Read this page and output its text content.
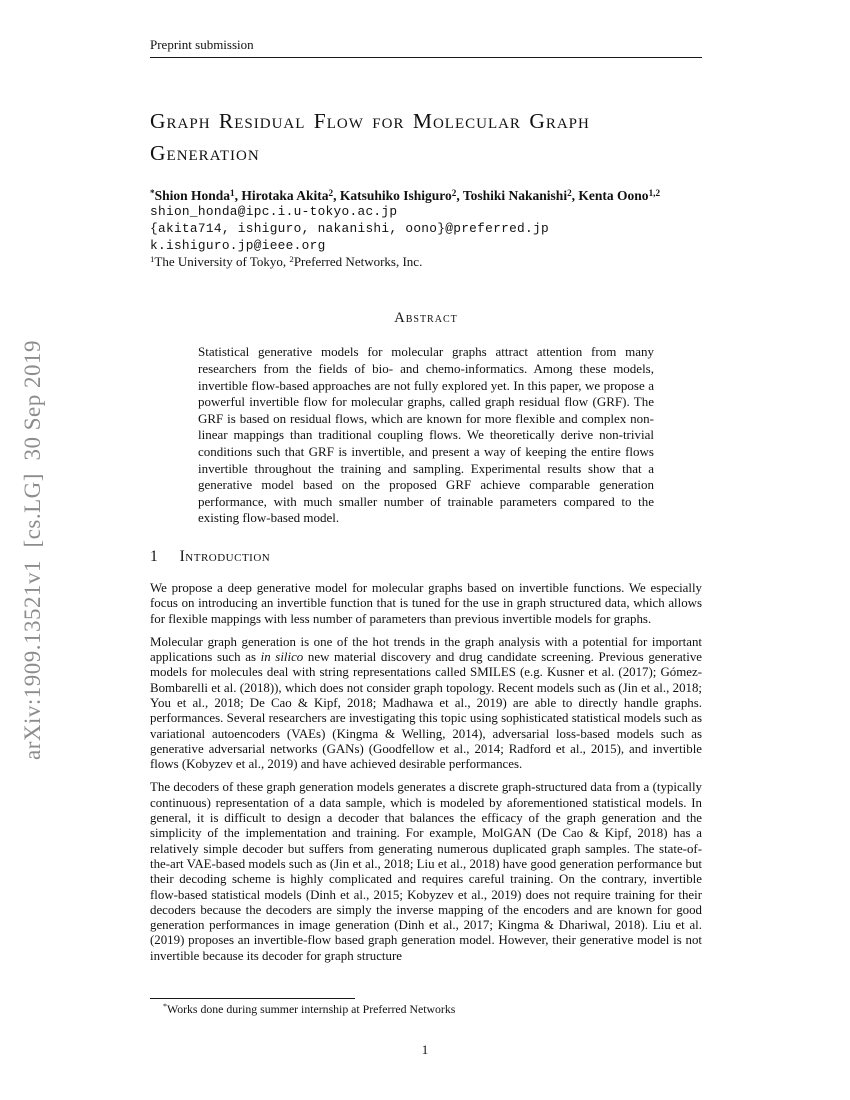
arXiv:1909.13521v1  [cs.LG]  30 Sep 2019
Preprint submission
Graph Residual Flow for Molecular Graph Generation
*Shion Honda$^1$, Hirotaka Akita$^2$, Katsuhiko Ishiguro$^2$, Toshiki Nakanishi$^2$, Kenta Oono$^{1,2}$
shion_honda@ipc.i.u-tokyo.ac.jp
{akita714, ishiguro, nakanishi, oono}@preferred.jp
k.ishiguro.jp@ieee.org
$^1$The University of Tokyo, $^2$Preferred Networks, Inc.
Abstract
Statistical generative models for molecular graphs attract attention from many researchers from the fields of bio- and chemo-informatics. Among these models, invertible flow-based approaches are not fully explored yet. In this paper, we propose a powerful invertible flow for molecular graphs, called graph residual flow (GRF). The GRF is based on residual flows, which are known for more flexible and complex non-linear mappings than traditional coupling flows. We theoretically derive non-trivial conditions such that GRF is invertible, and present a way of keeping the entire flows invertible throughout the training and sampling. Experimental results show that a generative model based on the proposed GRF achieve comparable generation performance, with much smaller number of trainable parameters compared to the existing flow-based model.
1 Introduction

We propose a deep generative model for molecular graphs based on invertible functions. We especially focus on introducing an invertible function that is tuned for the use in graph structured data, which allows for flexible mappings with less number of parameters than previous invertible models for graphs.

Molecular graph generation is one of the hot trends in the graph analysis with a potential for important applications such as in silico new material discovery and drug candidate screening. Previous generative models for molecules deal with string representations called SMILES (e.g. Kusner et al. (2017); Gómez-Bombarelli et al. (2018)), which does not consider graph topology. Recent models such as (Jin et al., 2018; You et al., 2018; De Cao & Kipf, 2018; Madhawa et al., 2019) are able to directly handle graphs. performances. Several researchers are investigating this topic using sophisticated statistical models such as variational autoencoders (VAEs) (Kingma & Welling, 2014), adversarial loss-based models such as generative adversarial networks (GANs) (Goodfellow et al., 2014; Radford et al., 2015), and invertible flows (Kobyzev et al., 2019) and have achieved desirable performances.

The decoders of these graph generation models generates a discrete graph-structured data from a (typically continuous) representation of a data sample, which is modeled by aforementioned statistical models. In general, it is difficult to design a decoder that balances the efficacy of the graph generation and the simplicity of the implementation and training. For example, MolGAN (De Cao & Kipf, 2018) has a relatively simple decoder but suffers from generating numerous duplicated graph samples. The state-of-the-art VAE-based models such as (Jin et al., 2018; Liu et al., 2018) have good generation performance but their decoding scheme is highly complicated and requires careful training. On the contrary, invertible flow-based statistical models (Dinh et al., 2015; Kobyzev et al., 2019) does not require training for their decoders because the decoders are simply the inverse mapping of the encoders and are known for good generation performances in image generation (Dinh et al., 2017; Kingma & Dhariwal, 2018). Liu et al. (2019) proposes an invertible-flow based graph generation model. However, their generative model is not invertible because its decoder for graph structure

*Works done during summer internship at Preferred Networks
1
